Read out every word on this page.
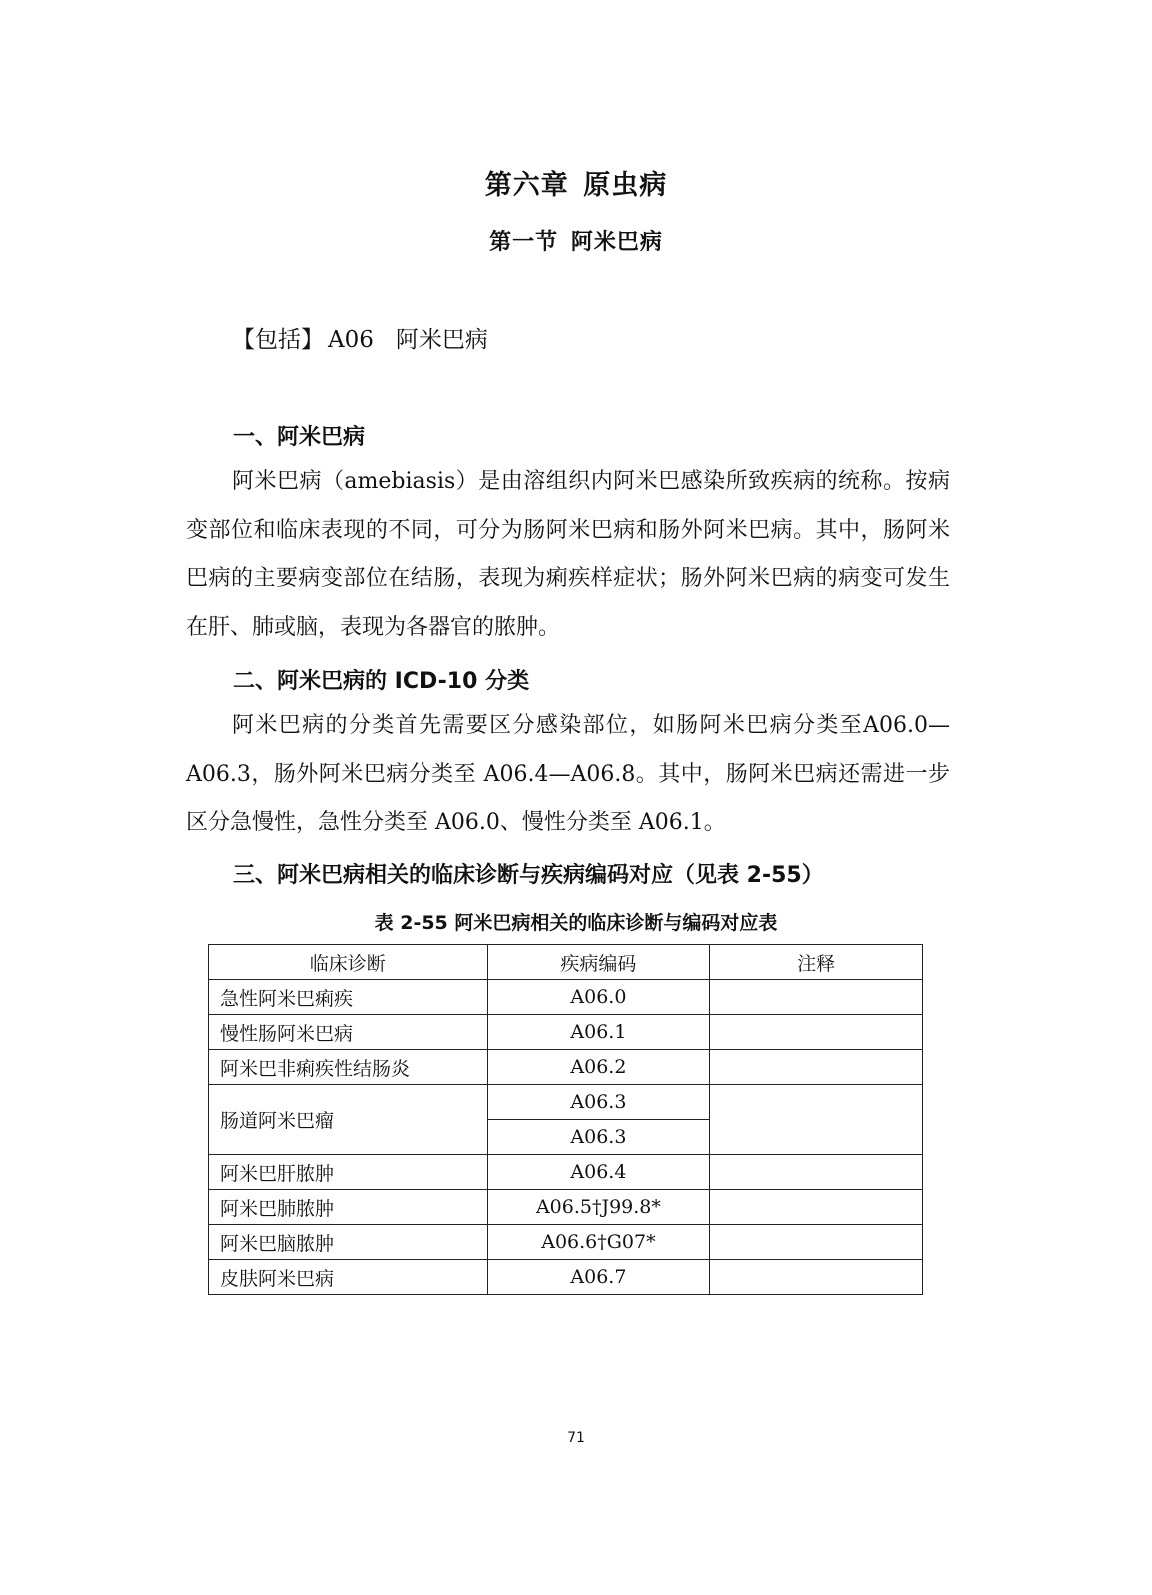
第六章 原虫病
第一节 阿米巴病
【包括】 A06 阿米巴病
一、阿米巴病

阿米巴病（amebiasis）是由溶组织内阿米巴感染所致疾病的统称。按病变部位和临床表现的不同，可分为肠阿米巴病和肠外阿米巴病。其中，肠阿米巴病的主要病变部位在结肠，表现为痢疾样症状；肠外阿米巴病的病变可发生在肝、肺或脑，表现为各器官的脓肿。

二、阿米巴病的 ICD-10 分类

阿米巴病的分类首先需要区分感染部位，如肠阿米巴病分类至A06.0—A06.3，肠外阿米巴病分类至 A06.4—A06.8。其中，肠阿米巴病还需进一步区分急慢性，急性分类至 A06.0、慢性分类至 A06.1。

三、阿米巴病相关的临床诊断与疾病编码对应（见表 2-55）
表 2-55 阿米巴病相关的临床诊断与编码对应表
临床诊断	疾病编码	注释
急性阿米巴痢疾	A06.0	
慢性肠阿米巴病	A06.1	
阿米巴非痢疾性结肠炎	A06.2	
肠道阿米巴瘤	A06.3	
	A06.3	
阿米巴肝脓肿	A06.4	
阿米巴肺脓肿	A06.5†J99.8*	
阿米巴脑脓肿	A06.6†G07*	
皮肤阿米巴病	A06.7	
71
